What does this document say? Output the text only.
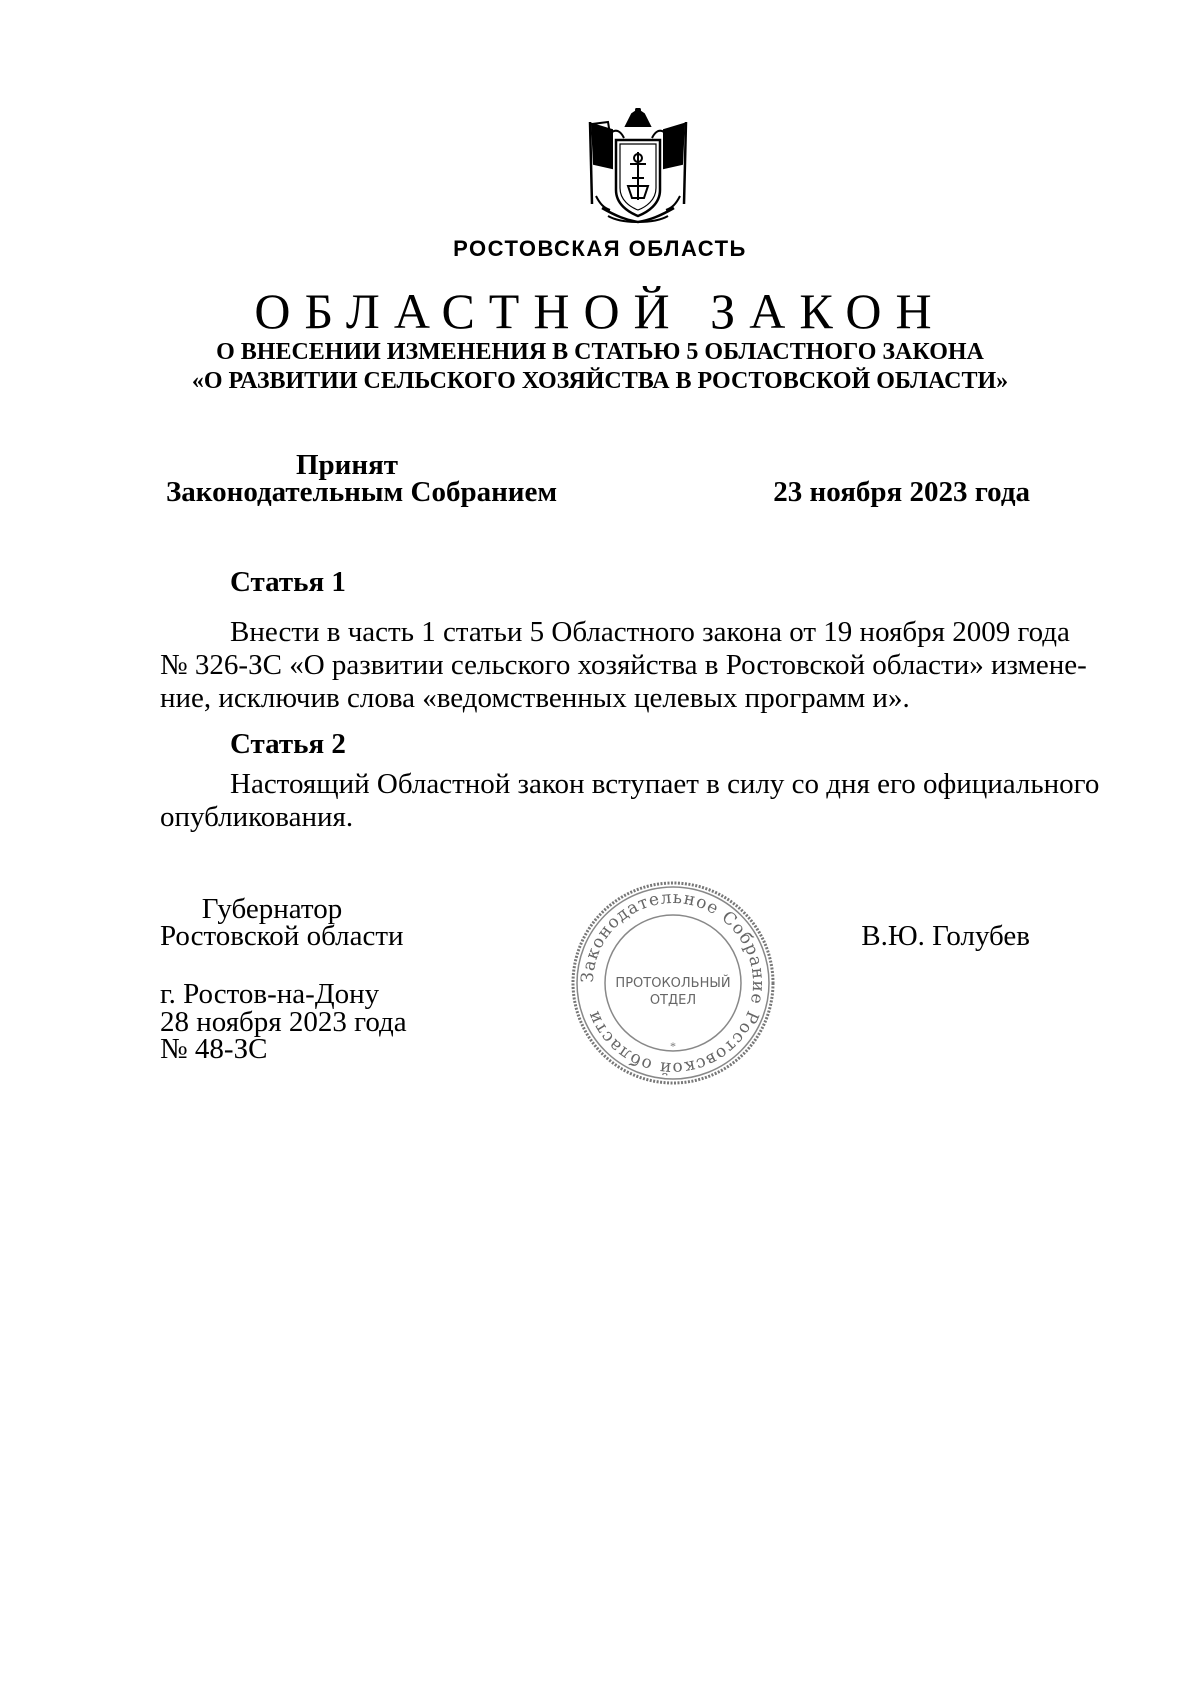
РОСТОВСКАЯ ОБЛАСТЬ
ОБЛАСТНОЙ ЗАКОН
О ВНЕСЕНИИ ИЗМЕНЕНИЯ В СТАТЬЮ 5 ОБЛАСТНОГО ЗАКОНА
«О РАЗВИТИИ СЕЛЬСКОГО ХОЗЯЙСТВА В РОСТОВСКОЙ ОБЛАСТИ»
Принят
Законодательным Собранием	23 ноября 2023 года
Статья 1
Внести в часть 1 статьи 5 Областного закона от 19 ноября 2009 года
№ 326-ЗС «О развитии сельского хозяйства в Ростовской области» измене-
ние, исключив слова «ведомственных целевых программ и».
Статья 2
Настоящий Областной закон вступает в силу со дня его официального
опубликования.
Губернатор
Ростовской области	В.Ю. Голубев
Законодательное Собрание Ростовской области
ПРОТОКОЛЬНЫЙ
ОТДЕЛ
*
г. Ростов-на-Дону
28 ноября 2023 года
№ 48-ЗС
